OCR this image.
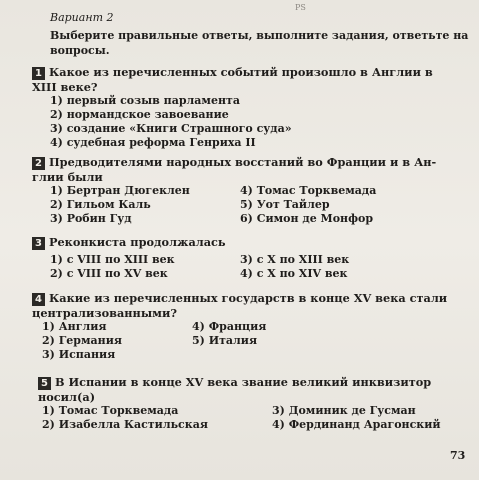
PS
Вариант 2
Выберите правильные ответы, выполните задания, ответьте на
вопросы.
1 Какое из перечисленных событий произошло в Англии в
XIII веке?
1) первый созыв парламента
2) нормандское завоевание
3) создание «Книги Страшного суда»
4) судебная реформа Генриха II
2 Предводителями народных восстаний во Франции и в Ан-
глии были
1) Бертран Дюгеклен
2) Гильом Каль
3) Робин Гуд
4) Томас Торквемада
5) Уот Тайлер
6) Симон де Монфор
3 Реконкиста продолжалась
1) с VIII по XIII век
2) с VIII по XV век
3) с X по XIII век
4) с X по XIV век
4 Какие из перечисленных государств в конце XV века стали
централизованными?
1) Англия
2) Германия
3) Испания
4) Франция
5) Италия
5 В Испании в конце XV века звание великий инквизитор
носил(а)
1) Томас Торквемада
2) Изабелла Кастильская
3) Доминик де Гусман
4) Фердинанд Арагонский
73
